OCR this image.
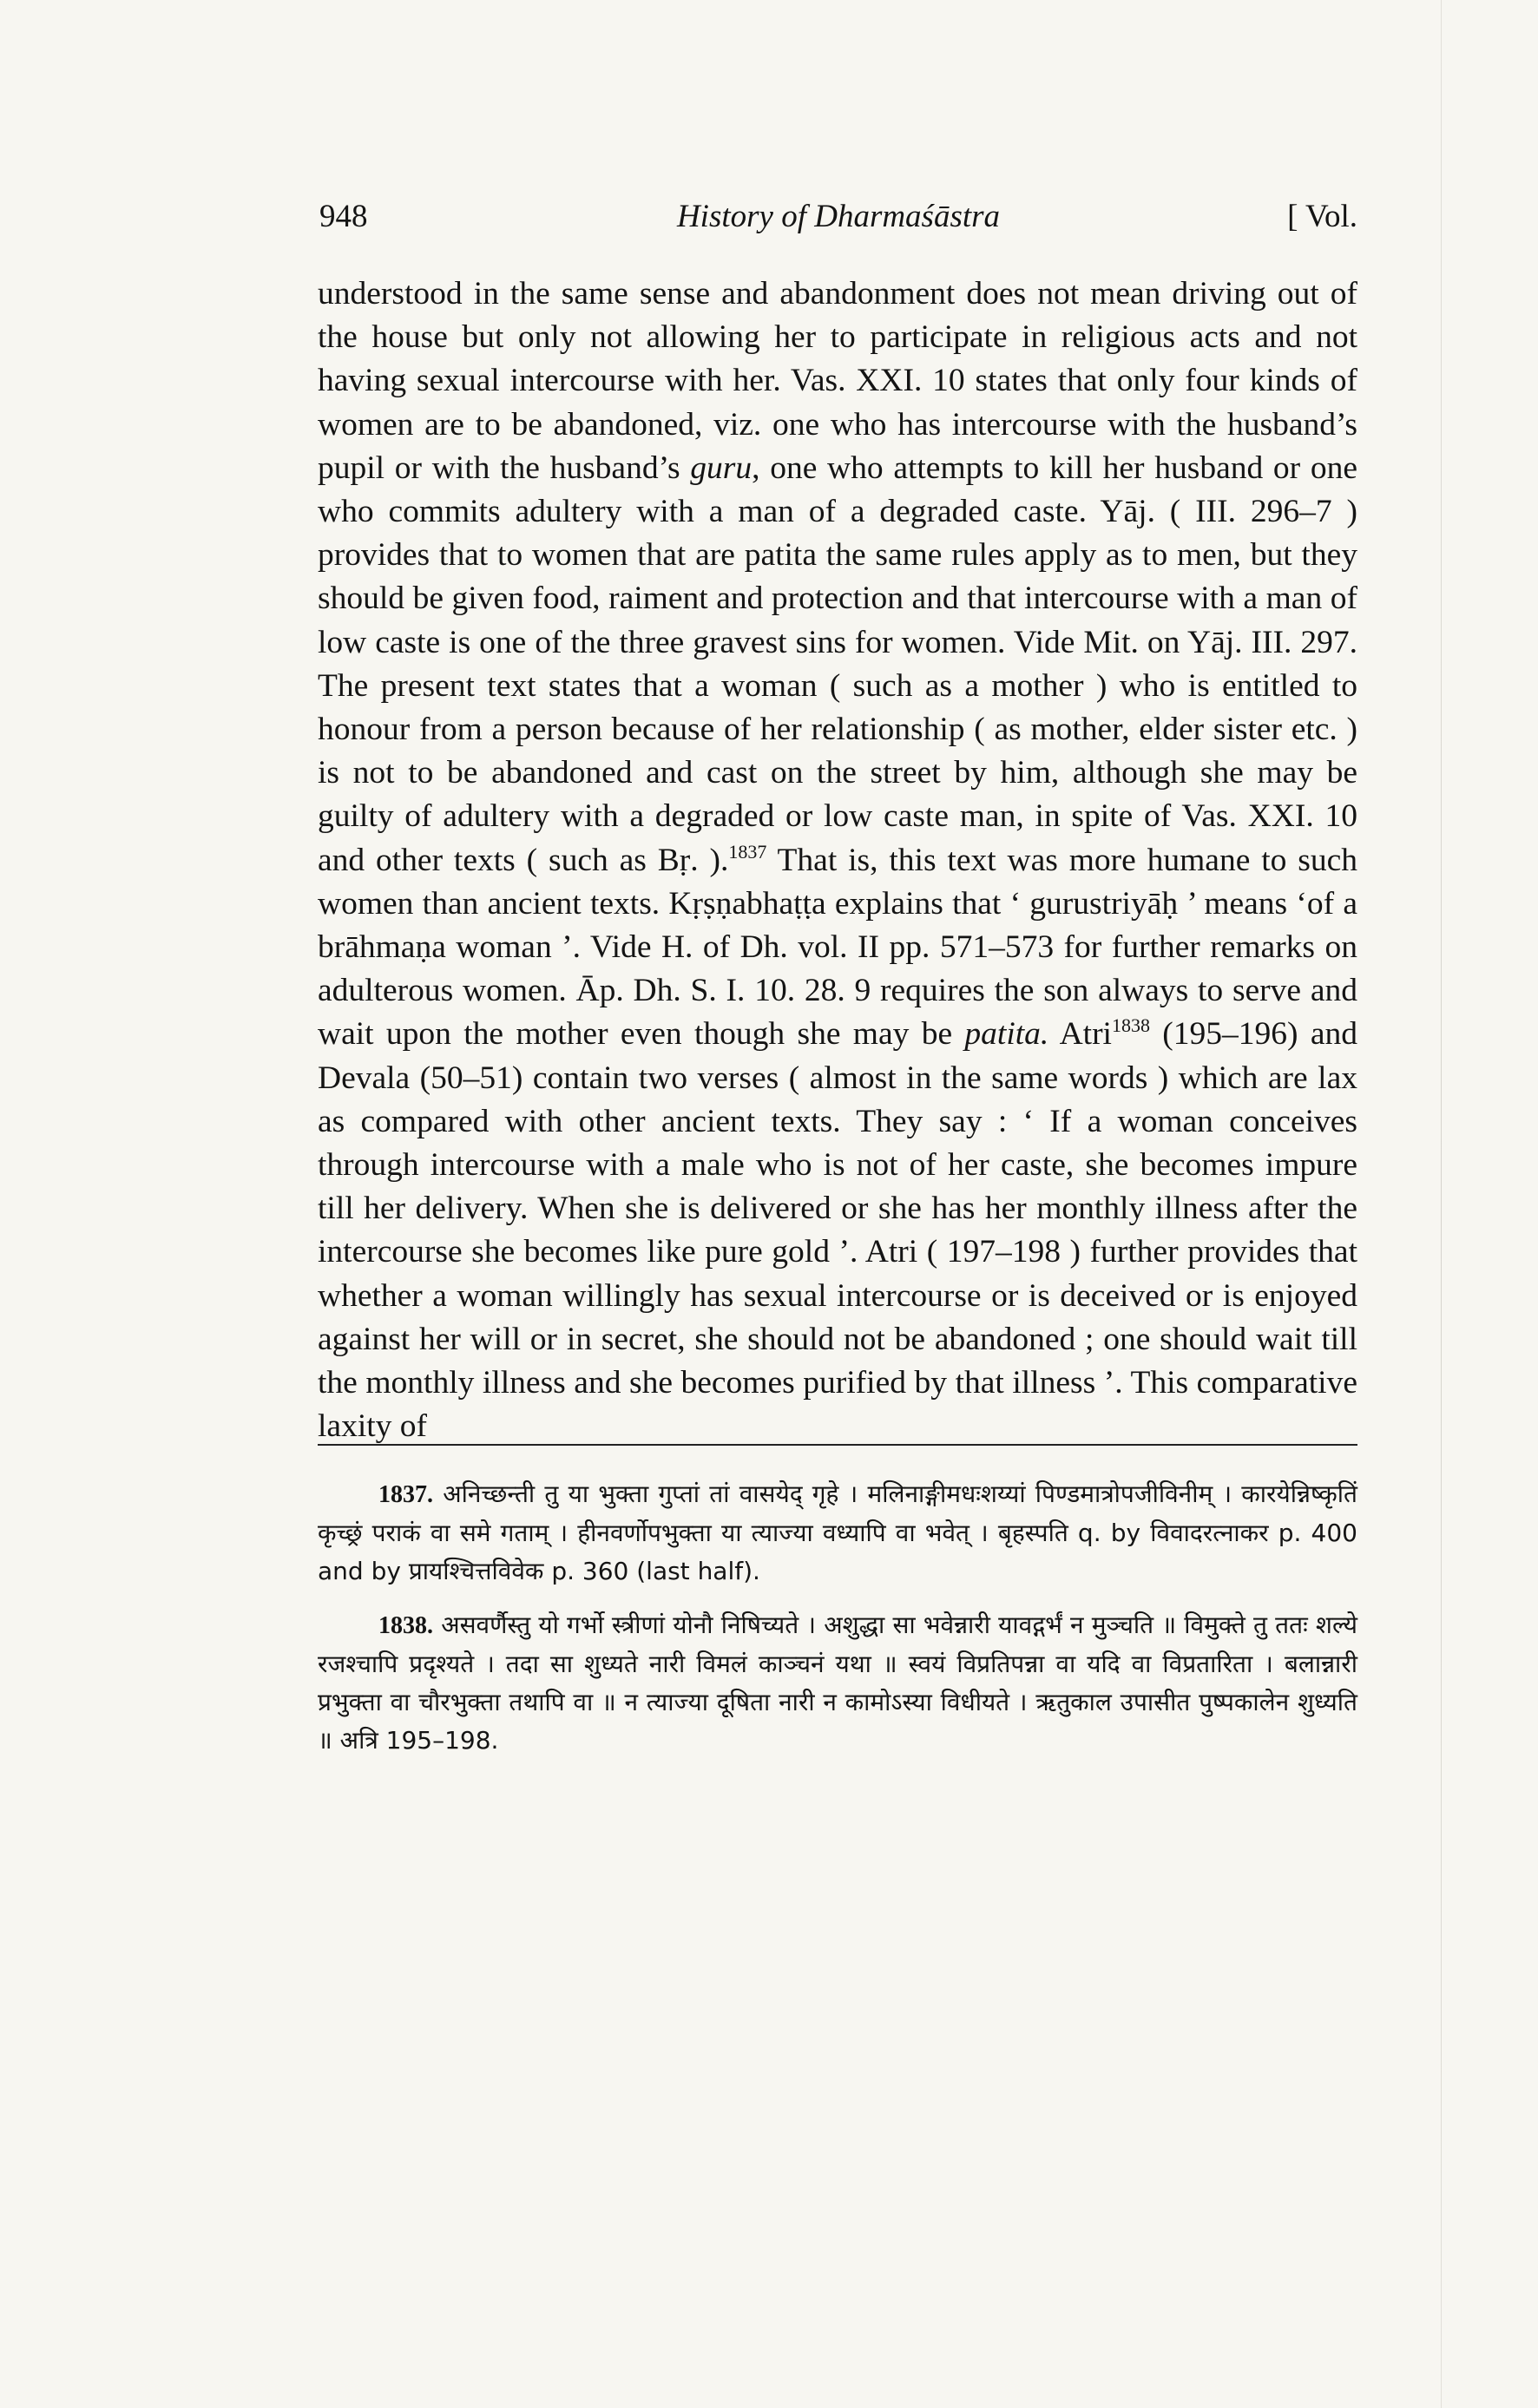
948	History of Dharmaśāstra	[ Vol.

understood in the same sense and abandonment does not mean driving out of the house but only not allowing her to participate in religious acts and not having sexual intercourse with her. Vas. XXI. 10 states that only four kinds of women are to be abandoned, viz. one who has intercourse with the husband’s pupil or with the husband’s guru, one who attempts to kill her husband or one who commits adultery with a man of a degraded caste. Yāj. ( III. 296–7 ) provides that to women that are patita the same rules apply as to men, but they should be given food, raiment and protection and that intercourse with a man of low caste is one of the three gravest sins for women. Vide Mit. on Yāj. III. 297. The present text states that a woman ( such as a mother ) who is entitled to honour from a person because of her relationship ( as mother, elder sister etc. ) is not to be abandoned and cast on the street by him, although she may be guilty of adultery with a degraded or low caste man, in spite of Vas. XXI. 10 and other texts ( such as Bṛ. ).$^{1837}$ That is, this text was more humane to such women than ancient texts. Kṛṣṇabhaṭṭa explains that ‘ gurustriyāḥ ’ means ‘of a brāhmaṇa woman ’. Vide H. of Dh. vol. II pp. 571–573 for further remarks on adulterous women. Āp. Dh. S. I. 10. 28. 9 requires the son always to serve and wait upon the mother even though she may be patita. Atri$^{1838}$ (195–196) and Devala (50–51) contain two verses ( almost in the same words ) which are lax as compared with other ancient texts. They say : ‘ If a woman conceives through intercourse with a male who is not of her caste, she becomes impure till her delivery. When she is delivered or she has her monthly illness after the intercourse she becomes like pure gold ’. Atri ( 197–198 ) further provides that whether a woman willingly has sexual intercourse or is deceived or is enjoyed against her will or in secret, she should not be abandoned ; one should wait till the monthly illness and she becomes purified by that illness ’. This comparative laxity of

1837. अनिच्छन्ती तु या भुक्ता गुप्तां तां वासयेद् गृहे । मलिनाङ्गीमधःशय्यां पिण्डमात्रोपजीविनीम् । कारयेन्निष्कृतिं कृच्छ्रं पराकं वा समे गताम् । हीनवर्णोपभुक्ता या त्याज्या वध्यापि वा भवेत् । बृहस्पति q. by विवादरत्नाकर p. 400 and by प्रायश्चित्तविवेक p. 360 (last half).

1838. असवर्णैस्तु यो गर्भो स्त्रीणां योनौ निषिच्यते । अशुद्धा सा भवेन्नारी यावद्गर्भं न मुञ्चति ॥ विमुक्ते तु ततः शल्ये रजश्चापि प्रदृश्यते । तदा सा शुध्यते नारी विमलं काञ्चनं यथा ॥ स्वयं विप्रतिपन्ना वा यदि वा विप्रतारिता । बलान्नारी प्रभुक्ता वा चौरभुक्ता तथापि वा ॥ न त्याज्या दूषिता नारी न कामोऽस्या विधीयते । ऋतुकाल उपासीत पुष्पकालेन शुध्यति ॥ अत्रि 195–198.
